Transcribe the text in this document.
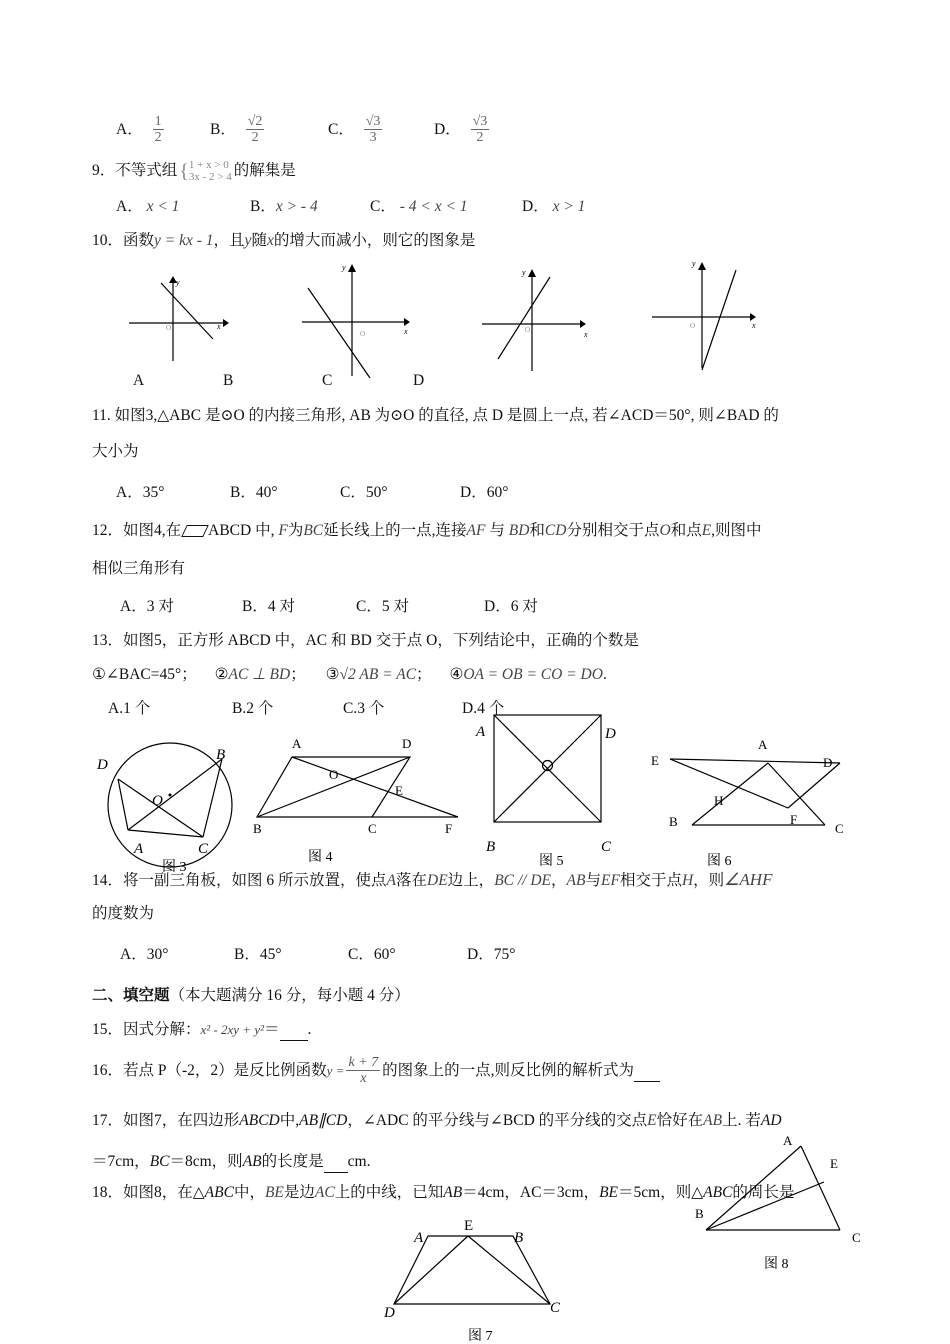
A． $\frac{1}{2}$	B． $\frac{√2}{2}$	C． $\frac{√3}{3}$	D． $\frac{√3}{2}$
9．不等式组 { 1 + x > 0
3x - 2 > 4 的解集是
A． x < 1	B．x > - 4	C． - 4 < x < 1	D． x > 1
10．函数y = kx - 1，且y随x的增大而减小，则它的图象是
y
x
O
y
x
O
y
x
O
y
x
O
A	B	C	D
11. 如图3,△ABC 是⊙O 的内接三角形, AB 为⊙O 的直径, 点 D 是圆上一点, 若∠ACD＝50°, 则∠BAD 的
大小为
A．35°	B．40°	C．50°	D．60°
12．如图4,在 ABCD 中, F为BC延长线上的一点,连接AF 与 BD和CD分别相交于点O和点E,则图中
相似三角形有
A．3 对	B．4 对	C．5 对	D．6 对
13．如图5，正方形 ABCD 中，AC 和 BD 交于点 O，下列结论中，正确的个数是
①∠BAC=45°； ②AC ⊥ BD； ③√2 AB = AC； ④OA = OB = CO = DO.
A.1 个	B.2 个	C.3 个	D.4 个
D
B
O
A	C
图 3
A	D
O
E
B	C	F
图 4
A	D
B	C
图 5
O
A
E	D
H
B	F
C
图 6
14．将一副三角板，如图 6 所示放置，使点A落在DE边上，BC // DE，AB与EF相交于点H，则∠AHF
的度数为
A．30°	B．45°	C．60°	D．75°
二、填空题（本大题满分 16 分，每小题 4 分）
15．因式分解：x² - 2xy + y²＝ .
16．若点 P（-2，2）是反比例函数$y = \frac{k + 7}{x}$ 的图象上的一点,则反比例的解析式为
17．如图7，在四边形ABCD中,AB∥CD，∠ADC 的平分线与∠BCD 的平分线的交点E恰好在AB上. 若AD
＝7cm，BC＝8cm，则AB的长度是 cm.
18．如图8，在△ABC中，BE是边AC上的中线，已知AB＝4cm，AC＝3cm，BE＝5cm，则△ABC的周长是
A
E
B
C
图 8
A
E
B
D	C
图 7
